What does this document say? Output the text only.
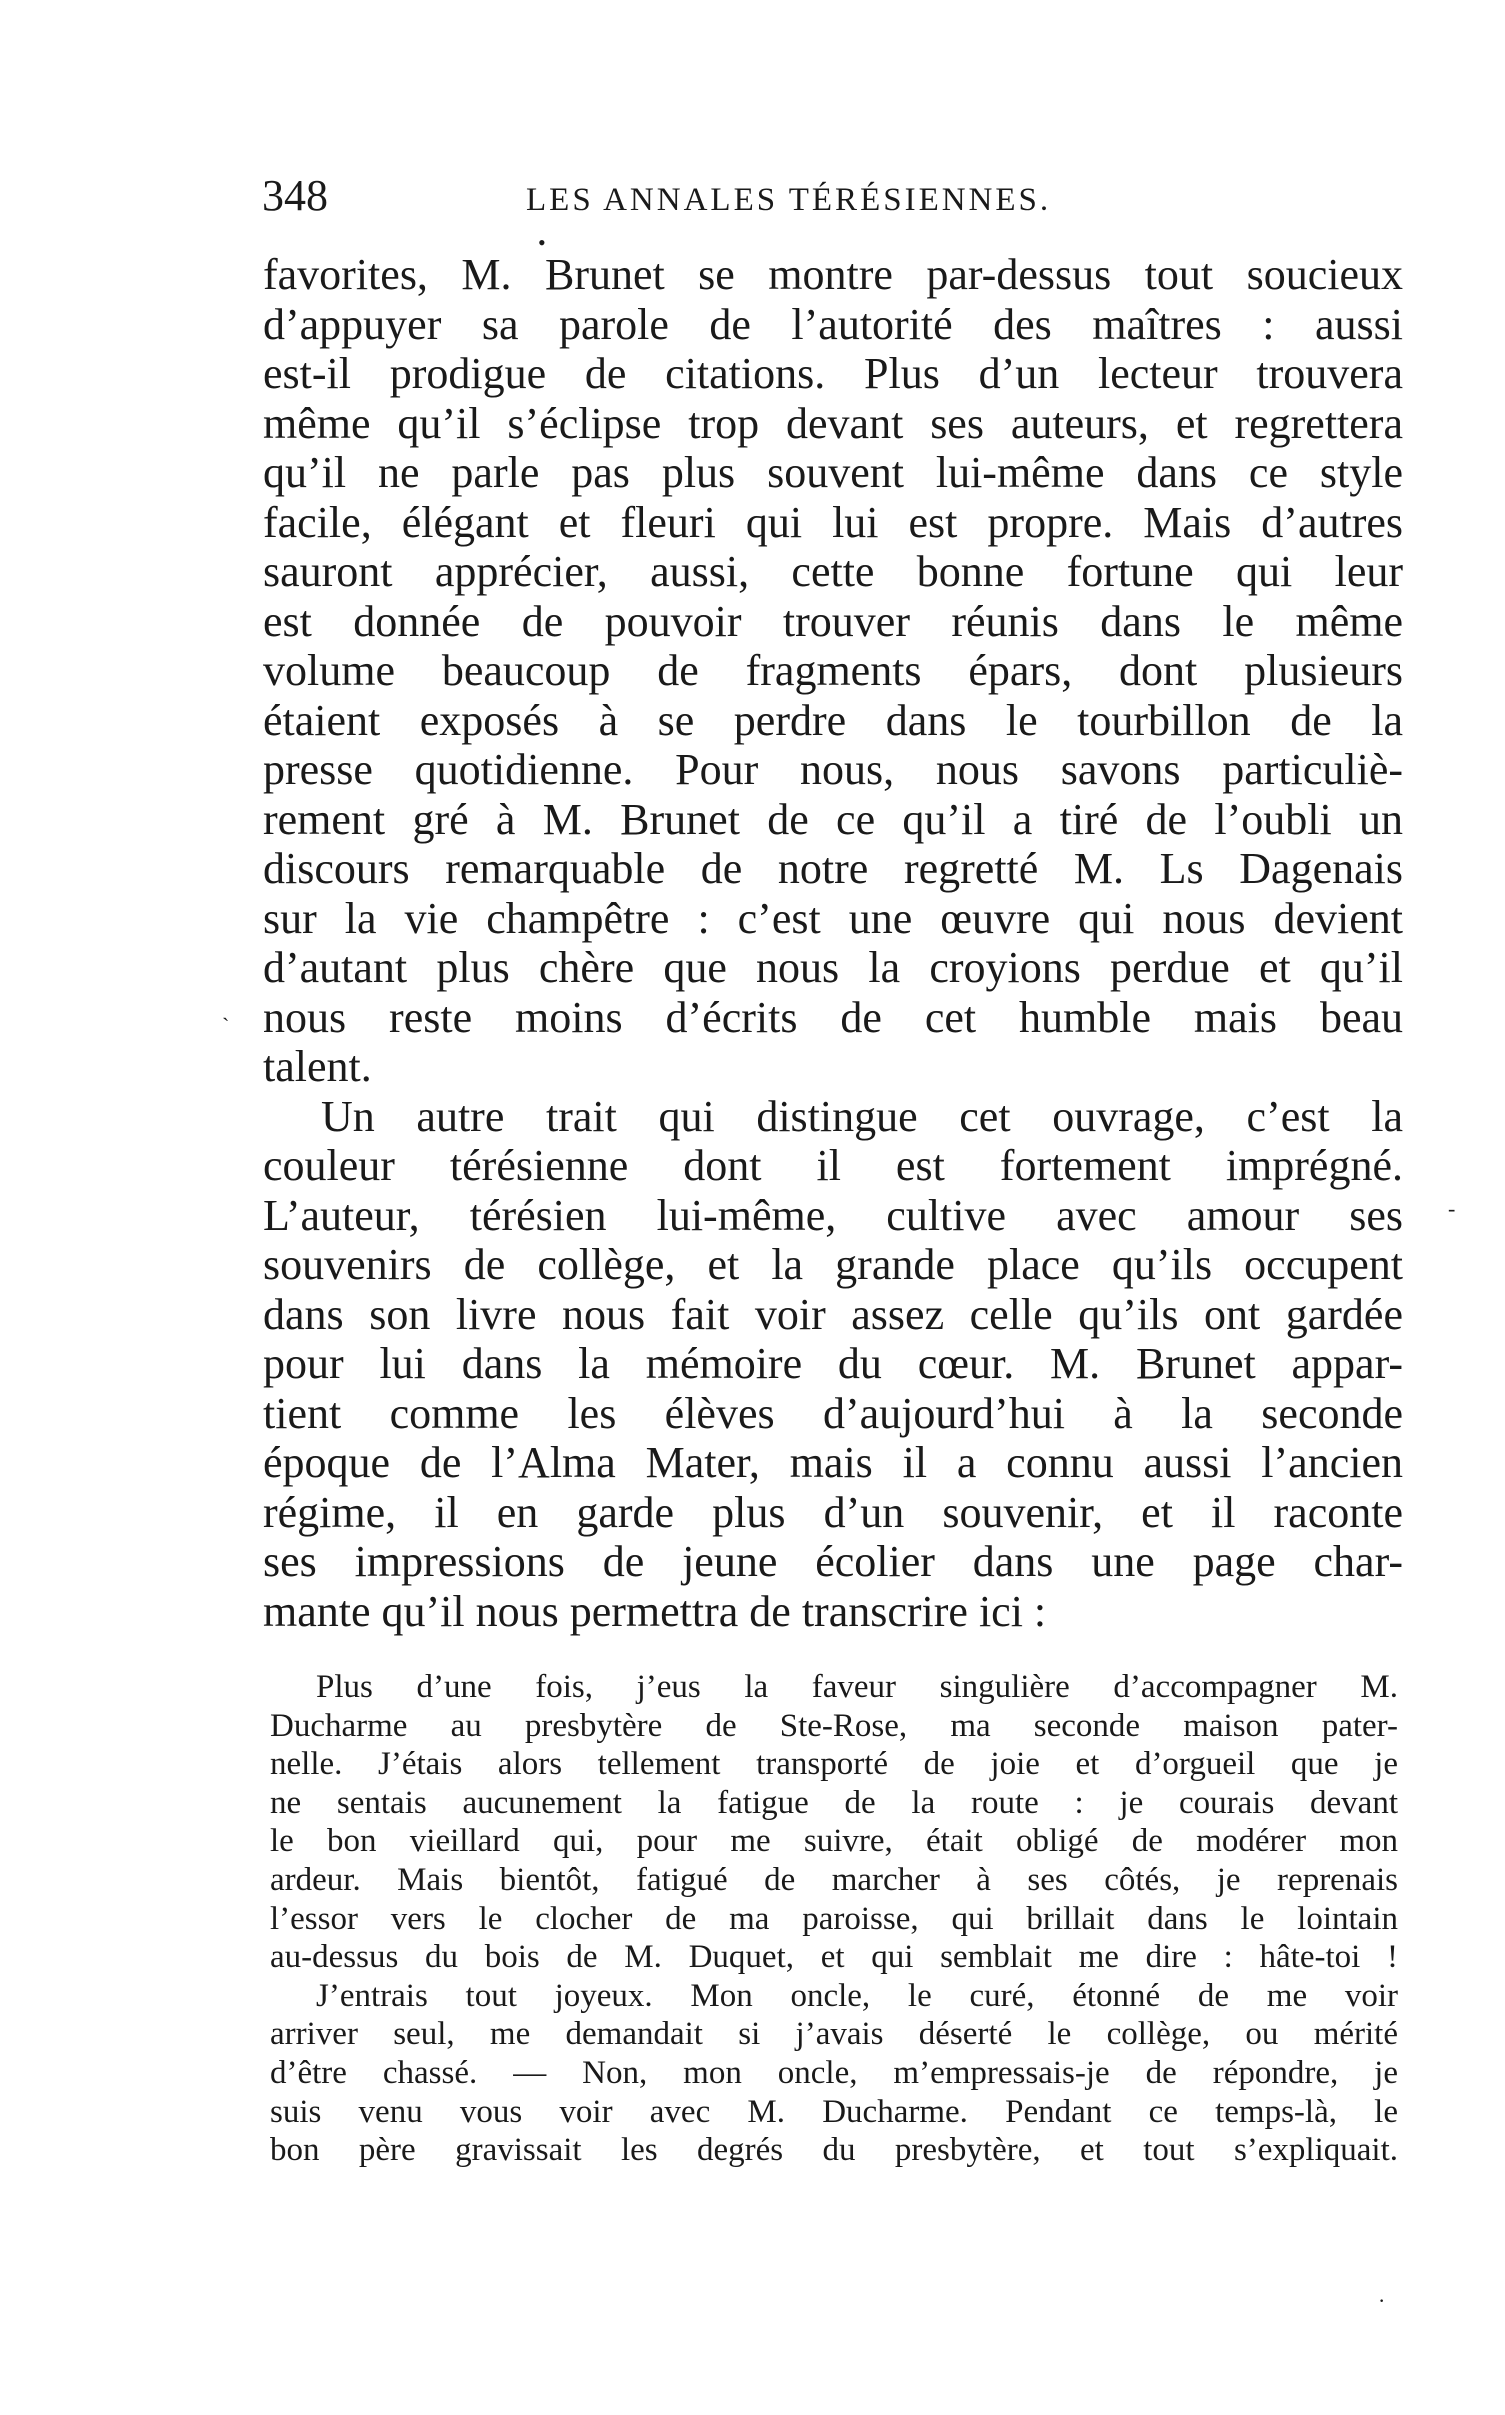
348	LES ANNALES TÉRÉSIENNES.
•
ˎ
-
·
favorites, M. Brunet se montre par-dessus tout soucieux
d’appuyer sa parole de l’autorité des maîtres : aussi
est-il prodigue de citations. Plus d’un lecteur trouvera
même qu’il s’éclipse trop devant ses auteurs, et regrettera
qu’il ne parle pas plus souvent lui-même dans ce style
facile, élégant et fleuri qui lui est propre. Mais d’autres
sauront apprécier, aussi, cette bonne fortune qui leur
est donnée de pouvoir trouver réunis dans le même
volume beaucoup de fragments épars, dont plusieurs
étaient exposés à se perdre dans le tourbillon de la
presse quotidienne. Pour nous, nous savons particuliè-
rement gré à M. Brunet de ce qu’il a tiré de l’oubli un
discours remarquable de notre regretté M. Ls Dagenais
sur la vie champêtre : c’est une œuvre qui nous devient
d’autant plus chère que nous la croyions perdue et qu’il
nous reste moins d’écrits de cet humble mais beau
talent.
Un autre trait qui distingue cet ouvrage, c’est la
couleur térésienne dont il est fortement imprégné.
L’auteur, térésien lui-même, cultive avec amour ses
souvenirs de collège, et la grande place qu’ils occupent
dans son livre nous fait voir assez celle qu’ils ont gardée
pour lui dans la mémoire du cœur. M. Brunet appar-
tient comme les élèves d’aujourd’hui à la seconde
époque de l’Alma Mater, mais il a connu aussi l’ancien
régime, il en garde plus d’un souvenir, et il raconte
ses impressions de jeune écolier dans une page char-
mante qu’il nous permettra de transcrire ici :
Plus d’une fois, j’eus la faveur singulière d’accompagner M.
Ducharme au presbytère de Ste-Rose, ma seconde maison pater-
nelle. J’étais alors tellement transporté de joie et d’orgueil que je
ne sentais aucunement la fatigue de la route : je courais devant
le bon vieillard qui, pour me suivre, était obligé de modérer mon
ardeur. Mais bientôt, fatigué de marcher à ses côtés, je reprenais
l’essor vers le clocher de ma paroisse, qui brillait dans le lointain
au-dessus du bois de M. Duquet, et qui semblait me dire : hâte-toi !
J’entrais tout joyeux. Mon oncle, le curé, étonné de me voir
arriver seul, me demandait si j’avais déserté le collège, ou mérité
d’être chassé. — Non, mon oncle, m’empressais-je de répondre, je
suis venu vous voir avec M. Ducharme. Pendant ce temps-là, le
bon père gravissait les degrés du presbytère, et tout s’expliquait.
